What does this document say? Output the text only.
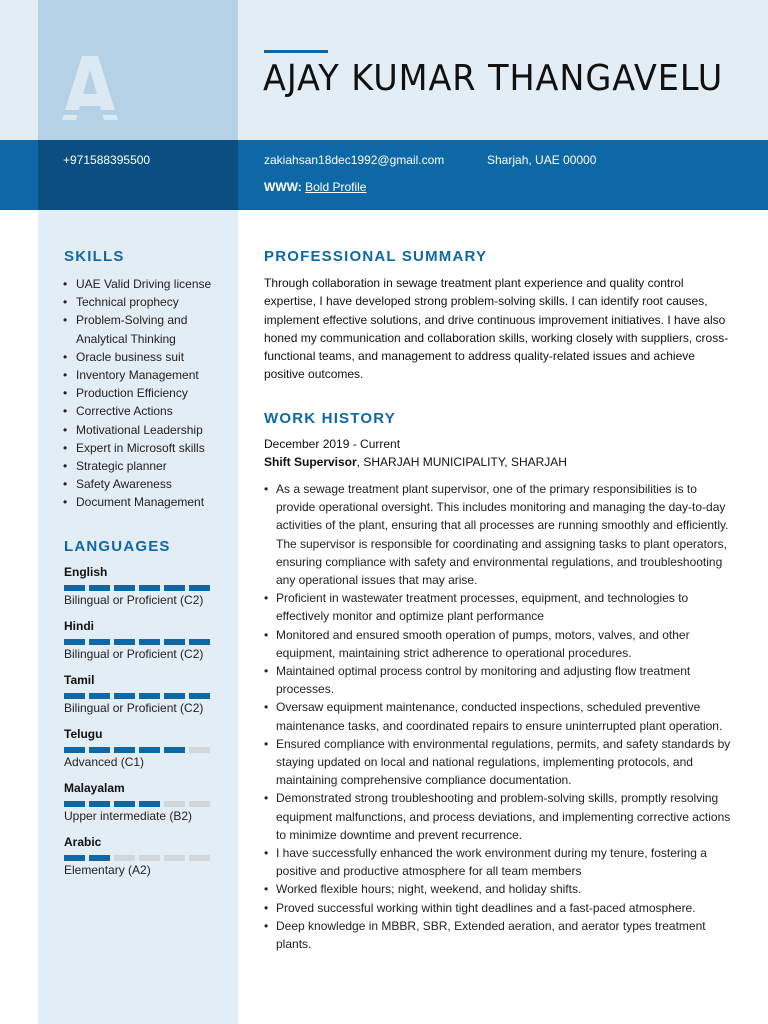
AJAY KUMAR THANGAVELU
+971588395500	zakiahsan18dec1992@gmail.com	Sharjah, UAE 00000
WWW: Bold Profile
SKILLS
• UAE Valid Driving license
• Technical prophecy
• Problem-Solving and Analytical Thinking
• Oracle business suit
• Inventory Management
• Production Efficiency
• Corrective Actions
• Motivational Leadership
• Expert in Microsoft skills
• Strategic planner
• Safety Awareness
• Document Management
LANGUAGES
English
Bilingual or Proficient (C2)
Hindi
Bilingual or Proficient (C2)
Tamil
Bilingual or Proficient (C2)
Telugu
Advanced (C1)
Malayalam
Upper intermediate (B2)
Arabic
Elementary (A2)
PROFESSIONAL SUMMARY

Through collaboration in sewage treatment plant experience and quality control expertise, I have developed strong problem-solving skills. I can identify root causes, implement effective solutions, and drive continuous improvement initiatives. I have also honed my communication and collaboration skills, working closely with suppliers, cross-functional teams, and management to address quality-related issues and achieve positive outcomes.

WORK HISTORY
December 2019 - Current
Shift Supervisor, SHARJAH MUNICIPALITY, SHARJAH
• As a sewage treatment plant supervisor, one of the primary responsibilities is to provide operational oversight. This includes monitoring and managing the day-to-day activities of the plant, ensuring that all processes are running smoothly and efficiently. The supervisor is responsible for coordinating and assigning tasks to plant operators, ensuring compliance with safety and environmental regulations, and troubleshooting any operational issues that may arise.
• Proficient in wastewater treatment processes, equipment, and technologies to effectively monitor and optimize plant performance
• Monitored and ensured smooth operation of pumps, motors, valves, and other equipment, maintaining strict adherence to operational procedures.
• Maintained optimal process control by monitoring and adjusting flow treatment processes.
• Oversaw equipment maintenance, conducted inspections, scheduled preventive maintenance tasks, and coordinated repairs to ensure uninterrupted plant operation.
• Ensured compliance with environmental regulations, permits, and safety standards by staying updated on local and national regulations, implementing protocols, and maintaining comprehensive compliance documentation.
• Demonstrated strong troubleshooting and problem-solving skills, promptly resolving equipment malfunctions, and process deviations, and implementing corrective actions to minimize downtime and prevent recurrence.
• I have successfully enhanced the work environment during my tenure, fostering a positive and productive atmosphere for all team members
• Worked flexible hours; night, weekend, and holiday shifts.
• Proved successful working within tight deadlines and a fast-paced atmosphere.
• Deep knowledge in MBBR, SBR, Extended aeration, and aerator types treatment plants.
